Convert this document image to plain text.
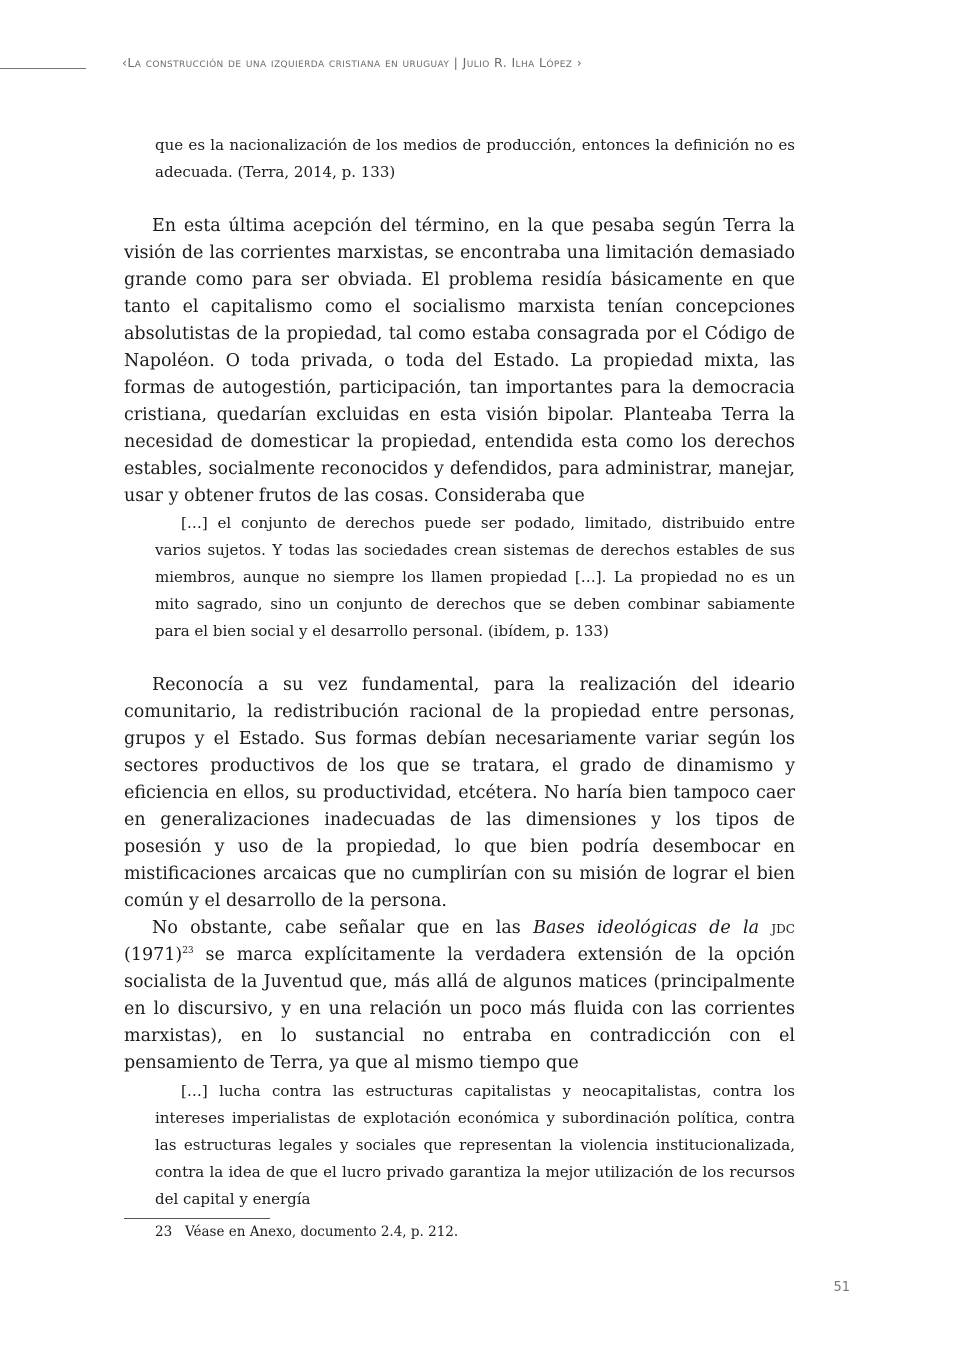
‹La construcción de una izquierda cristiana en uruguay | Julio R. Ilha López ›

que es la nacionalización de los medios de producción, entonces la definición no es adecuada. (Terra, 2014, p. 133)

En esta última acepción del término, en la que pesaba según Terra la visión de las corrientes marxistas, se encontraba una limitación demasiado grande como para ser obviada. El problema residía básicamente en que tanto el capitalismo como el socialismo marxista tenían concepciones absolutistas de la propiedad, tal como estaba consagrada por el Código de Napoléon. O toda privada, o toda del Estado. La propiedad mixta, las formas de autogestión, participación, tan importantes para la democracia cristiana, quedarían excluidas en esta visión bipolar. Planteaba Terra la necesidad de domesticar la propiedad, entendida esta como los derechos estables, socialmente reconocidos y defendidos, para administrar, manejar, usar y obtener frutos de las cosas. Consideraba que

[…] el conjunto de derechos puede ser podado, limitado, distribuido entre varios sujetos. Y todas las sociedades crean sistemas de derechos estables de sus miembros, aunque no siempre los llamen propiedad […]. La propiedad no es un mito sagrado, sino un conjunto de derechos que se deben combinar sabiamente para el bien social y el desarrollo personal. (ibídem, p. 133)

Reconocía a su vez fundamental, para la realización del ideario comunitario, la redistribución racional de la propiedad entre personas, grupos y el Estado. Sus formas debían necesariamente variar según los sectores productivos de los que se tratara, el grado de dinamismo y eficiencia en ellos, su productividad, etcétera. No haría bien tampoco caer en generalizaciones inadecuadas de las dimensiones y los tipos de posesión y uso de la propiedad, lo que bien podría desembocar en mistificaciones arcaicas que no cumplirían con su misión de lograr el bien común y el desarrollo de la persona.

No obstante, cabe señalar que en las Bases ideológicas de la jdc $(1971)^{23}$ se marca explícitamente la verdadera extensión de la opción socialista de la Juventud que, más allá de algunos matices (principalmente en lo discursivo, y en una relación un poco más fluida con las corrientes marxistas), en lo sustancial no entraba en contradicción con el pensamiento de Terra, ya que al mismo tiempo que

[…] lucha contra las estructuras capitalistas y neocapitalistas, contra los intereses imperialistas de explotación económica y subordinación política, contra las estructuras legales y sociales que representan la violencia institucionalizada, contra la idea de que el lucro privado garantiza la mejor utilización de los recursos del capital y energía

23 Véase en Anexo, documento 2.4, p. 212.
51
